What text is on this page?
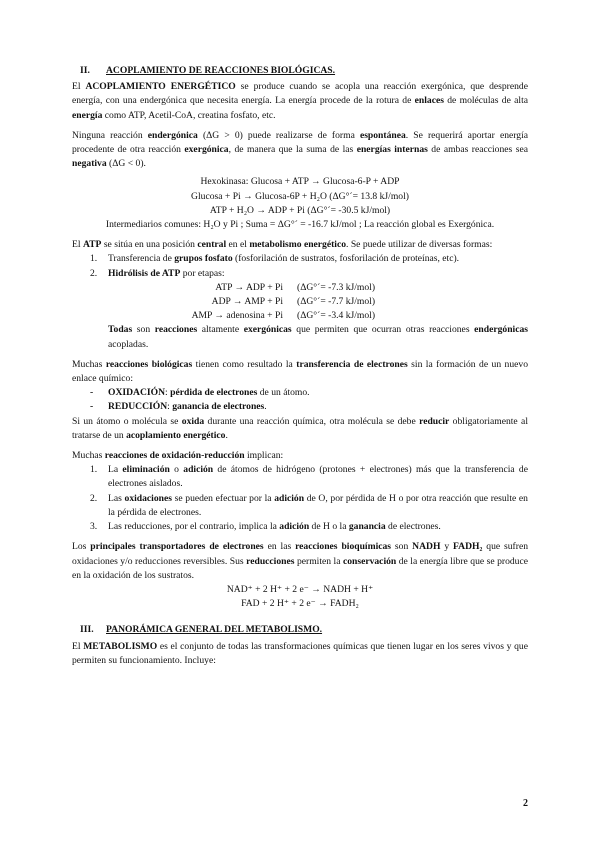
II. ACOPLAMIENTO DE REACCIONES BIOLÓGICAS.

El ACOPLAMIENTO ENERGÉTICO se produce cuando se acopla una reacción exergónica, que desprende energía, con una endergónica que necesita energía. La energía procede de la rotura de enlaces de moléculas de alta energía como ATP, Acetil-CoA, creatina fosfato, etc.

Ninguna reacción endergónica (ΔG > 0) puede realizarse de forma espontánea. Se requerirá aportar energía procedente de otra reacción exergónica, de manera que la suma de las energías internas de ambas reacciones sea negativa (ΔG < 0).

Hexokinasa: Glucosa + ATP → Glucosa-6-P + ADP
Glucosa + Pi → Glucosa-6P + H₂O (ΔG°´= 13.8 kJ/mol)
ATP + H₂O → ADP + Pi (ΔG°´= -30.5 kJ/mol)
Intermediarios comunes: H₂O y Pi ; Suma = ΔG°´ = -16.7 kJ/mol ; La reacción global es Exergónica.

El ATP se sitúa en una posición central en el metabolismo energético. Se puede utilizar de diversas formas:

1. Transferencia de grupos fosfato (fosforilación de sustratos, fosforilación de proteínas, etc).
2. Hidrólisis de ATP por etapas:
ATP → ADP + Pi	(ΔG°´= -7.3 kJ/mol)
ADP → AMP + Pi	(ΔG°´= -7.7 kJ/mol)
AMP → adenosina + Pi	(ΔG°´= -3.4 kJ/mol)

Todas son reacciones altamente exergónicas que permiten que ocurran otras reacciones endergónicas acopladas.

Muchas reacciones biológicas tienen como resultado la transferencia de electrones sin la formación de un nuevo enlace químico:

- OXIDACIÓN: pérdida de electrones de un átomo.
- REDUCCIÓN: ganancia de electrones.

Si un átomo o molécula se oxida durante una reacción química, otra molécula se debe reducir obligatoriamente al tratarse de un acoplamiento energético.

Muchas reacciones de oxidación-reducción implican:

1. La eliminación o adición de átomos de hidrógeno (protones + electrones) más que la transferencia de electrones aislados.
2. Las oxidaciones se pueden efectuar por la adición de O, por pérdida de H o por otra reacción que resulte en la pérdida de electrones.
3. Las reducciones, por el contrario, implica la adición de H o la ganancia de electrones.

Los principales transportadores de electrones en las reacciones bioquímicas son NADH y FADH₂ que sufren oxidaciones y/o reducciones reversibles. Sus reducciones permiten la conservación de la energía libre que se produce en la oxidación de los sustratos.

NAD⁺ + 2 H⁺ + 2 e⁻ → NADH + H⁺
FAD + 2 H⁺ + 2 e⁻ → FADH₂
III. PANORÁMICA GENERAL DEL METABOLISMO.

El METABOLISMO es el conjunto de todas las transformaciones químicas que tienen lugar en los seres vivos y que permiten su funcionamiento. Incluye:

2
